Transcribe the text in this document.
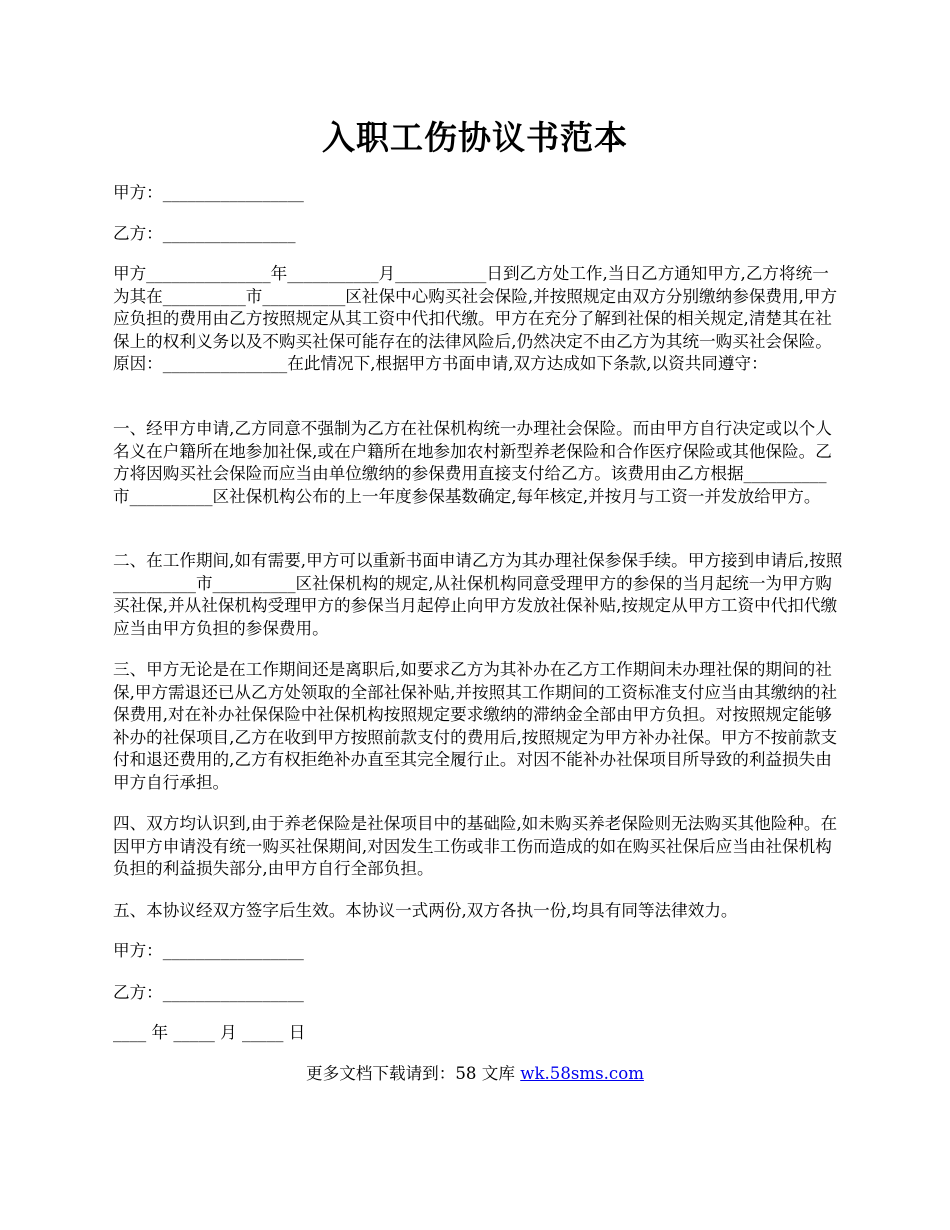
入职工伤协议书范本

甲方：_________________

乙方：________________

甲方_______________年___________月___________日到乙方处工作,当日乙方通知甲方,乙方将统一为其在__________市__________区社保中心购买社会保险,并按照规定由双方分别缴纳参保费用,甲方应负担的费用由乙方按照规定从其工资中代扣代缴。甲方在充分了解到社保的相关规定,清楚其在社保上的权利义务以及不购买社保可能存在的法律风险后,仍然决定不由乙方为其统一购买社会保险。原因：_______________在此情况下,根据甲方书面申请,双方达成如下条款,以资共同遵守：

一、经甲方申请,乙方同意不强制为乙方在社保机构统一办理社会保险。而由甲方自行决定或以个人名义在户籍所在地参加社保,或在户籍所在地参加农村新型养老保险和合作医疗保险或其他保险。乙方将因购买社会保险而应当由单位缴纳的参保费用直接支付给乙方。该费用由乙方根据__________市__________区社保机构公布的上一年度参保基数确定,每年核定,并按月与工资一并发放给甲方。

二、在工作期间,如有需要,甲方可以重新书面申请乙方为其办理社保参保手续。甲方接到申请后,按照__________市__________区社保机构的规定,从社保机构同意受理甲方的参保的当月起统一为甲方购买社保,并从社保机构受理甲方的参保当月起停止向甲方发放社保补贴,按规定从甲方工资中代扣代缴应当由甲方负担的参保费用。

三、甲方无论是在工作期间还是离职后,如要求乙方为其补办在乙方工作期间未办理社保的期间的社保,甲方需退还已从乙方处领取的全部社保补贴,并按照其工作期间的工资标准支付应当由其缴纳的社保费用,对在补办社保保险中社保机构按照规定要求缴纳的滞纳金全部由甲方负担。对按照规定能够补办的社保项目,乙方在收到甲方按照前款支付的费用后,按照规定为甲方补办社保。甲方不按前款支付和退还费用的,乙方有权拒绝补办直至其完全履行止。对因不能补办社保项目所导致的利益损失由甲方自行承担。

四、双方均认识到,由于养老保险是社保项目中的基础险,如未购买养老保险则无法购买其他险种。在因甲方申请没有统一购买社保期间,对因发生工伤或非工伤而造成的如在购买社保后应当由社保机构负担的利益损失部分,由甲方自行全部负担。

五、本协议经双方签字后生效。本协议一式两份,双方各执一份,均具有同等法律效力。

甲方：_________________

乙方：_________________

____ 年 _____ 月 _____ 日

更多文档下载请到：58 文库 wk.58sms.com
